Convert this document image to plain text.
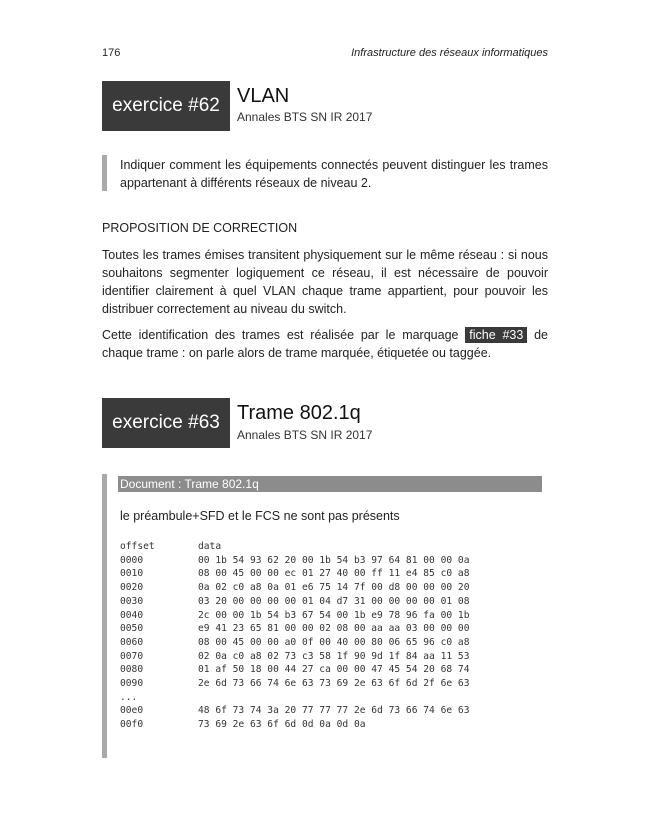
176	Infrastructure des réseaux informatiques
exercice #62 VLAN
Annales BTS SN IR 2017

Indiquer comment les équipements connectés peuvent distinguer les trames appartenant à différents réseaux de niveau 2.

PROPOSITION DE CORRECTION

Toutes les trames émises transitent physiquement sur le même réseau : si nous souhaitons segmenter logiquement ce réseau, il est nécessaire de pouvoir identifier clairement à quel VLAN chaque trame appartient, pour pouvoir les distribuer correctement au niveau du switch.

Cette identification des trames est réalisée par le marquage fiche #33 de chaque trame : on parle alors de trame marquée, étiquetée ou taggée.

exercice #63 Trame 802.1q
Annales BTS SN IR 2017
Document : Trame 802.1q
le préambule+SFD et le FCS ne sont pas présents
offset	data
0000	00 1b 54 93 62 20 00 1b 54 b3 97 64 81 00 00 0a
0010	08 00 45 00 00 ec 01 27 40 00 ff 11 e4 85 c0 a8
0020	0a 02 c0 a8 0a 01 e6 75 14 7f 00 d8 00 00 00 20
0030	03 20 00 00 00 00 01 04 d7 31 00 00 00 00 01 08
0040	2c 00 00 1b 54 b3 67 54 00 1b e9 78 96 fa 00 1b
0050	e9 41 23 65 81 00 00 02 08 00 aa aa 03 00 00 00
0060	08 00 45 00 00 a0 0f 00 40 00 80 06 65 96 c0 a8
0070	02 0a c0 a8 02 73 c3 58 1f 90 9d 1f 84 aa 11 53
0080	01 af 50 18 00 44 27 ca 00 00 47 45 54 20 68 74
0090	2e 6d 73 66 74 6e 63 73 69 2e 63 6f 6d 2f 6e 63
...	
00e0	48 6f 73 74 3a 20 77 77 77 2e 6d 73 66 74 6e 63
00f0	73 69 2e 63 6f 6d 0d 0a 0d 0a
